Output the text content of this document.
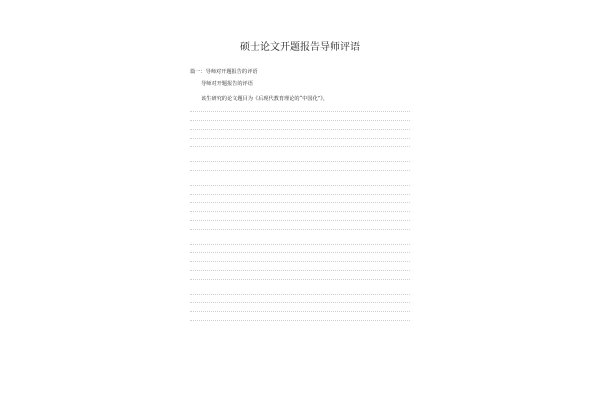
硕士论文开题报告导师评语
篇一：导师对开题报告的评语
导师对开题报告的评语
该生研究的论文题目为《后现代教育理论的“中国化”》，
